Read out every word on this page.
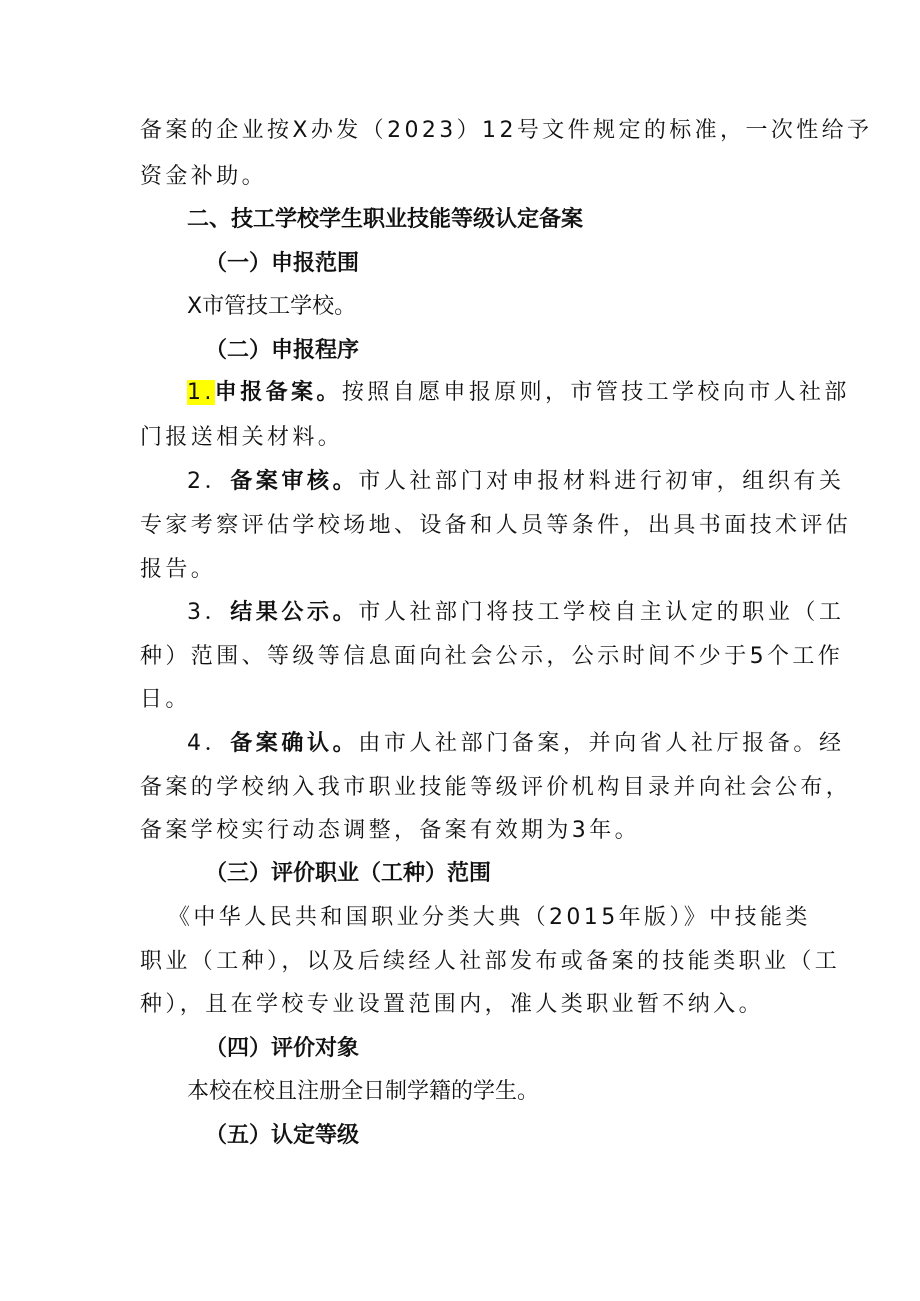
备案的企业按X办发（2023）12号文件规定的标准，一次性给予
资金补助。
二、技工学校学生职业技能等级认定备案
（一）申报范围
X市管技工学校。
（二）申报程序
1.申报备案。按照自愿申报原则，市管技工学校向市人社部
门报送相关材料。
2．备案审核。市人社部门对申报材料进行初审，组织有关
专家考察评估学校场地、设备和人员等条件，出具书面技术评估
报告。
3．结果公示。市人社部门将技工学校自主认定的职业（工
种）范围、等级等信息面向社会公示，公示时间不少于5个工作
日。
4．备案确认。由市人社部门备案，并向省人社厅报备。经
备案的学校纳入我市职业技能等级评价机构目录并向社会公布，
备案学校实行动态调整，备案有效期为3年。
（三）评价职业（工种）范围
《中华人民共和国职业分类大典（2015年版）》中技能类
职业（工种），以及后续经人社部发布或备案的技能类职业（工
种），且在学校专业设置范围内，准人类职业暂不纳入。
（四）评价对象
本校在校且注册全日制学籍的学生。
（五）认定等级
